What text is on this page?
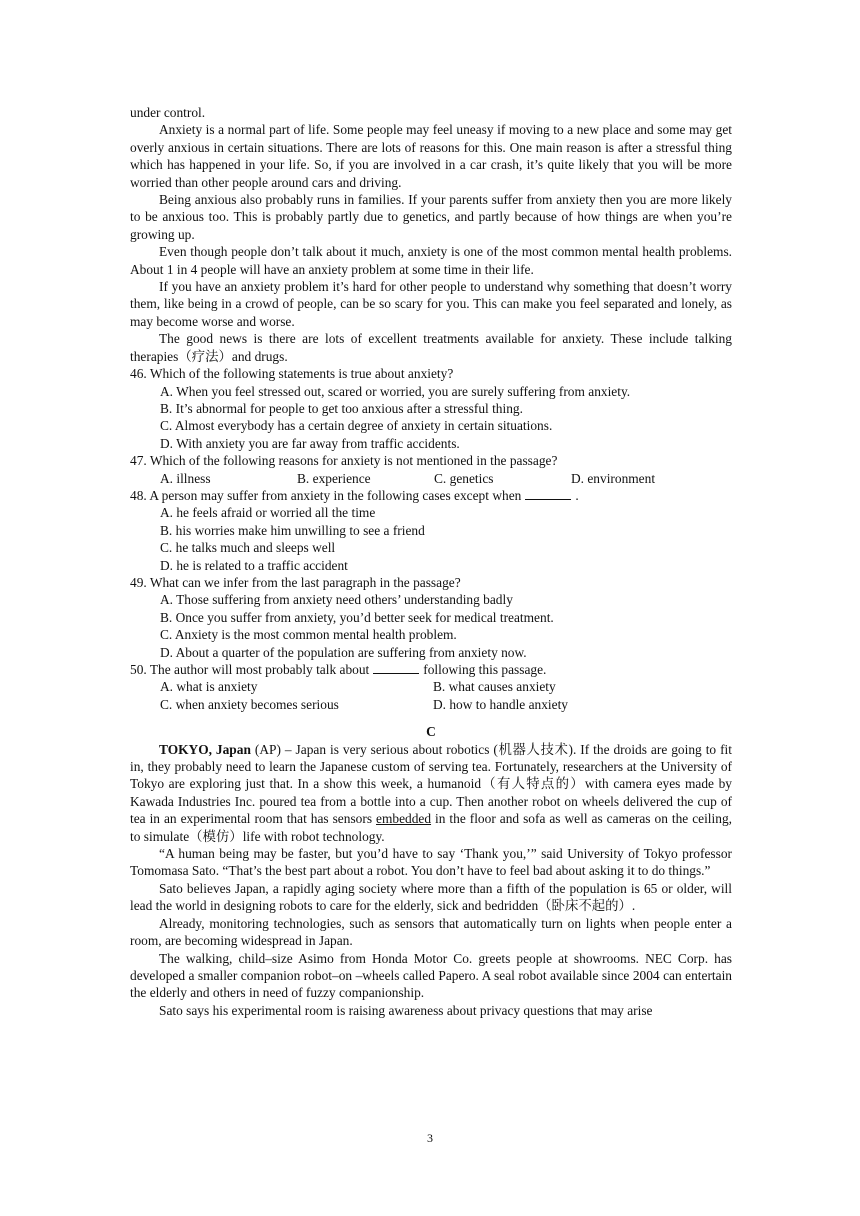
under control.

Anxiety is a normal part of life. Some people may feel uneasy if moving to a new place and some may get overly anxious in certain situations. There are lots of reasons for this. One main reason is after a stressful thing which has happened in your life. So, if you are involved in a car crash, it’s quite likely that you will be more worried than other people around cars and driving.

Being anxious also probably runs in families. If your parents suffer from anxiety then you are more likely to be anxious too. This is probably partly due to genetics, and partly because of how things are when you’re growing up.

Even though people don’t talk about it much, anxiety is one of the most common mental health problems. About 1 in 4 people will have an anxiety problem at some time in their life.

If you have an anxiety problem it’s hard for other people to understand why something that doesn’t worry them, like being in a crowd of people, can be so scary for you. This can make you feel separated and lonely, as may become worse and worse.

The good news is there are lots of excellent treatments available for anxiety. These include talking therapies（疗法）and drugs.

46. Which of the following statements is true about anxiety?

A. When you feel stressed out, scared or worried, you are surely suffering from anxiety.

B. It’s abnormal for people to get too anxious after a stressful thing.

C. Almost everybody has a certain degree of anxiety in certain situations.

D. With anxiety you are far away from traffic accidents.

47. Which of the following reasons for anxiety is not mentioned in the passage?

A. illness	B. experience	C. genetics	D. environment

48. A person may suffer from anxiety in the following cases except when	.

A. he feels afraid or worried all the time

B. his worries make him unwilling to see a friend

C. he talks much and sleeps well

D. he is related to a traffic accident

49. What can we infer from the last paragraph in the passage?

A. Those suffering from anxiety need others’ understanding badly

B. Once you suffer from anxiety, you’d better seek for medical treatment.

C. Anxiety is the most common mental health problem.

D. About a quarter of the population are suffering from anxiety now.

50. The author will most probably talk about	following this passage.

A. what is anxiety	B. what causes anxiety
C. when anxiety becomes serious	D. how to handle anxiety

C

TOKYO, Japan (AP) – Japan is very serious about robotics (机器人技术). If the droids are going to fit in, they probably need to learn the Japanese custom of serving tea. Fortunately, researchers at the University of Tokyo are exploring just that. In a show this week, a humanoid（有人特点的）with camera eyes made by Kawada Industries Inc. poured tea from a bottle into a cup. Then another robot on wheels delivered the cup of tea in an experimental room that has sensors embedded in the floor and sofa as well as cameras on the ceiling, to simulate（模仿）life with robot technology.

“A human being may be faster, but you’d have to say ‘Thank you,’” said University of Tokyo professor Tomomasa Sato. “That’s the best part about a robot. You don’t have to feel bad about asking it to do things.”

Sato believes Japan, a rapidly aging society where more than a fifth of the population is 65 or older, will lead the world in designing robots to care for the elderly, sick and bedridden（卧床不起的）.

Already, monitoring technologies, such as sensors that automatically turn on lights when people enter a room, are becoming widespread in Japan.

The walking, child–size Asimo from Honda Motor Co. greets people at showrooms. NEC Corp. has developed a smaller companion robot–on –wheels called Papero. A seal robot available since 2004 can entertain the elderly and others in need of fuzzy companionship.

Sato says his experimental room is raising awareness about privacy questions that may arise

3
